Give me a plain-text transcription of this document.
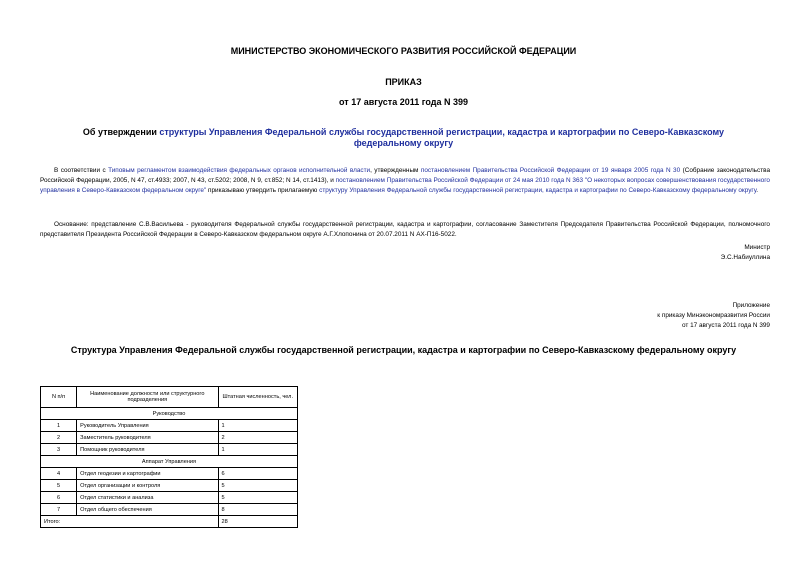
МИНИСТЕРСТВО ЭКОНОМИЧЕСКОГО РАЗВИТИЯ РОССИЙСКОЙ ФЕДЕРАЦИИ
ПРИКАЗ
от 17 августа 2011 года N 399
Об утверждении структуры Управления Федеральной службы государственной регистрации, кадастра и картографии по Северо-Кавказскому федеральному округу
В соответствии с Типовым регламентом взаимодействия федеральных органов исполнительной власти, утвержденным постановлением Правительства Российской Федерации от 19 января 2005 года N 30 (Собрание законодательства Российской Федерации, 2005, N 47, ст.4933; 2007, N 43, ст.5202; 2008, N 9, ст.852; N 14, ст.1413), и постановлением Правительства Российской Федерации от 24 мая 2010 года N 363 "О некоторых вопросах совершенствования государственного управления в Северо-Кавказском федеральном округе" приказываю утвердить прилагаемую структуру Управления Федеральной службы государственной регистрации, кадастра и картографии по Северо-Кавказскому федеральному округу.
Основание: представление С.В.Васильева - руководителя Федеральной службы государственной регистрации, кадастра и картографии, согласование Заместителя Председателя Правительства Российской Федерации, полномочного представителя Президента Российской Федерации в Северо-Кавказском федеральном округе А.Г.Хлопонина от 20.07.2011 N АХ-П16-5022.
Министр
Э.С.Набиуллина
Приложение
к приказу Минэкономразвития России
от 17 августа 2011 года N 399
Структура Управления Федеральной службы государственной регистрации, кадастра и картографии по Северо-Кавказскому федеральному округу
N п/п	Наименование должности или структурного подразделения	Штатная численность, чел.
Руководство		
1	Руководитель Управления	1
2	Заместитель руководителя	2
3	Помощник руководителя	1
Аппарат Управления		
4	Отдел геодезии и картографии	6
5	Отдел организации и контроля	5
6	Отдел статистики и анализа	5
7	Отдел общего обеспечения	8
Итого:		28
